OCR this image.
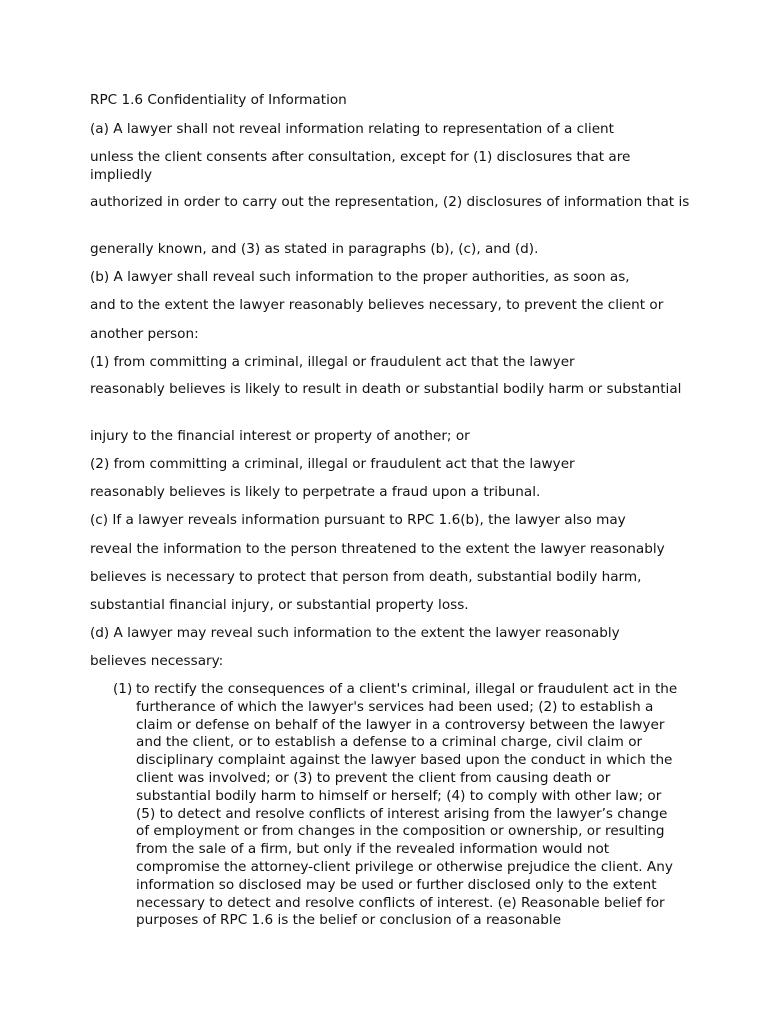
RPC 1.6 Confidentiality of Information

(a) A lawyer shall not reveal information relating to representation of a client

unless the client consents after consultation, except for (1) disclosures that are impliedly

authorized in order to carry out the representation, (2) disclosures of information that is

generally known, and (3) as stated in paragraphs (b), (c), and (d).

(b) A lawyer shall reveal such information to the proper authorities, as soon as,

and to the extent the lawyer reasonably believes necessary, to prevent the client or

another person:

(1) from committing a criminal, illegal or fraudulent act that the lawyer

reasonably believes is likely to result in death or substantial bodily harm or substantial

injury to the financial interest or property of another; or

(2) from committing a criminal, illegal or fraudulent act that the lawyer

reasonably believes is likely to perpetrate a fraud upon a tribunal.

(c) If a lawyer reveals information pursuant to RPC 1.6(b), the lawyer also may

reveal the information to the person threatened to the extent the lawyer reasonably

believes is necessary to protect that person from death, substantial bodily harm,

substantial financial injury, or substantial property loss.

(d) A lawyer may reveal such information to the extent the lawyer reasonably

believes necessary:

(1) to rectify the consequences of a client's criminal, illegal or fraudulent act in the furtherance of which the lawyer's services had been used; (2) to establish a claim or defense on behalf of the lawyer in a controversy between the lawyer and the client, or to establish a defense to a criminal charge, civil claim or disciplinary complaint against the lawyer based upon the conduct in which the client was involved; or (3) to prevent the client from causing death or substantial bodily harm to himself or herself; (4) to comply with other law; or (5) to detect and resolve conflicts of interest arising from the lawyer’s change of employment or from changes in the composition or ownership, or resulting from the sale of a firm, but only if the revealed information would not compromise the attorney-client privilege or otherwise prejudice the client. Any information so disclosed may be used or further disclosed only to the extent necessary to detect and resolve conflicts of interest. (e) Reasonable belief for purposes of RPC 1.6 is the belief or conclusion of a reasonable
